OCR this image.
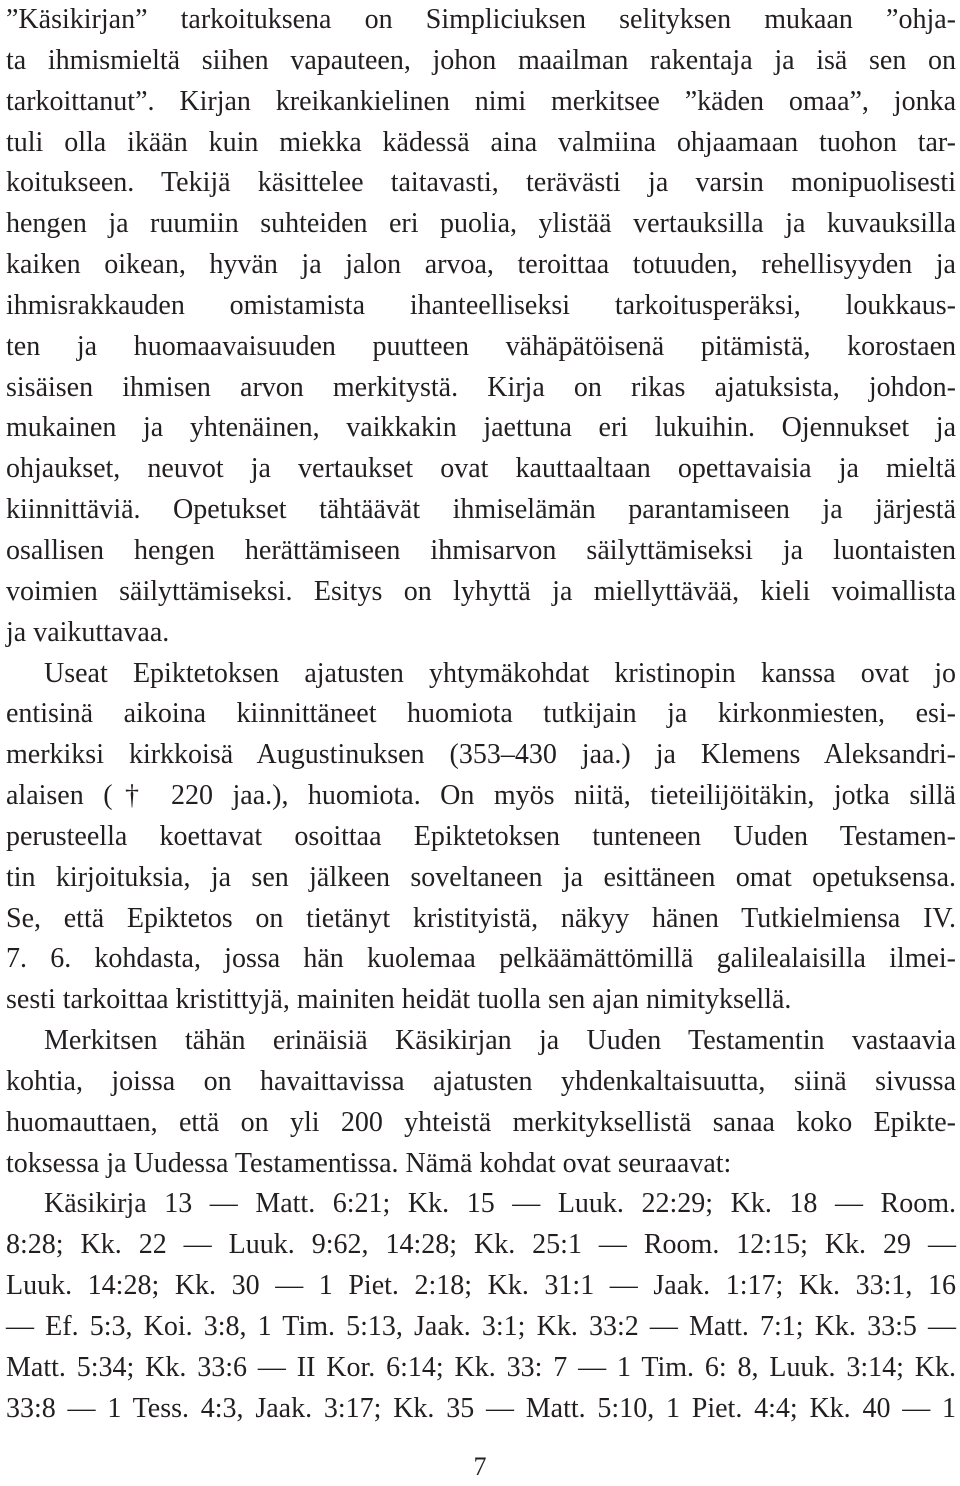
”Käsikirjan” tarkoituksena on Simpliciuksen selityksen mukaan ”ohja-
ta ihmismieltä siihen vapauteen, johon maailman rakentaja ja isä sen on
tarkoittanut”. Kirjan kreikankielinen nimi merkitsee ”käden omaa”, jonka
tuli olla ikään kuin miekka kädessä aina valmiina ohjaamaan tuohon tar-
koitukseen. Tekijä käsittelee taitavasti, terävästi ja varsin monipuolisesti
hengen ja ruumiin suhteiden eri puolia, ylistää vertauksilla ja kuvauksilla
kaiken oikean, hyvän ja jalon arvoa, teroittaa totuuden, rehellisyyden ja
ihmisrakkauden omistamista ihanteelliseksi tarkoitusperäksi, loukkaus-
ten ja huomaavaisuuden puutteen vähäpätöisenä pitämistä, korostaen
sisäisen ihmisen arvon merkitystä. Kirja on rikas ajatuksista, johdon-
mukainen ja yhtenäinen, vaikkakin jaettuna eri lukuihin. Ojennukset ja
ohjaukset, neuvot ja vertaukset ovat kauttaaltaan opettavaisia ja mieltä
kiinnittäviä. Opetukset tähtäävät ihmiselämän parantamiseen ja järjestä
osallisen hengen herättämiseen ihmisarvon säilyttämiseksi ja luontaisten
voimien säilyttämiseksi. Esitys on lyhyttä ja miellyttävää, kieli voimallista
ja vaikuttavaa.
Useat Epiktetoksen ajatusten yhtymäkohdat kristinopin kanssa ovat jo
entisinä aikoina kiinnittäneet huomiota tutkijain ja kirkonmiesten, esi-
merkiksi kirkkoisä Augustinuksen (353–430 jaa.) ja Klemens Aleksandri-
alaisen († 220 jaa.), huomiota. On myös niitä, tieteilijöitäkin, jotka sillä
perusteella koettavat osoittaa Epiktetoksen tunteneen Uuden Testamen-
tin kirjoituksia, ja sen jälkeen soveltaneen ja esittäneen omat opetuksensa.
Se, että Epiktetos on tietänyt kristityistä, näkyy hänen Tutkielmiensa IV.
7. 6. kohdasta, jossa hän kuolemaa pelkäämättömillä galilealaisilla ilmei-
sesti tarkoittaa kristittyjä, mainiten heidät tuolla sen ajan nimityksellä.
Merkitsen tähän erinäisiä Käsikirjan ja Uuden Testamentin vastaavia
kohtia, joissa on havaittavissa ajatusten yhdenkaltaisuutta, siinä sivussa
huomauttaen, että on yli 200 yhteistä merkityksellistä sanaa koko Epikte-
toksessa ja Uudessa Testamentissa. Nämä kohdat ovat seuraavat:
Käsikirja 13 — Matt. 6:21; Kk. 15 — Luuk. 22:29; Kk. 18 — Room.
8:28; Kk. 22 — Luuk. 9:62, 14:28; Kk. 25:1 — Room. 12:15; Kk. 29 —
Luuk. 14:28; Kk. 30 — 1 Piet. 2:18; Kk. 31:1 — Jaak. 1:17; Kk. 33:1, 16
— Ef. 5:3, Koi. 3:8, 1 Tim. 5:13, Jaak. 3:1; Kk. 33:2 — Matt. 7:1; Kk. 33:5 —
Matt. 5:34; Kk. 33:6 — II Kor. 6:14; Kk. 33: 7 — 1 Tim. 6: 8, Luuk. 3:14; Kk.
33:8 — 1 Tess. 4:3, Jaak. 3:17; Kk. 35 — Matt. 5:10, 1 Piet. 4:4; Kk. 40 — 1
7
